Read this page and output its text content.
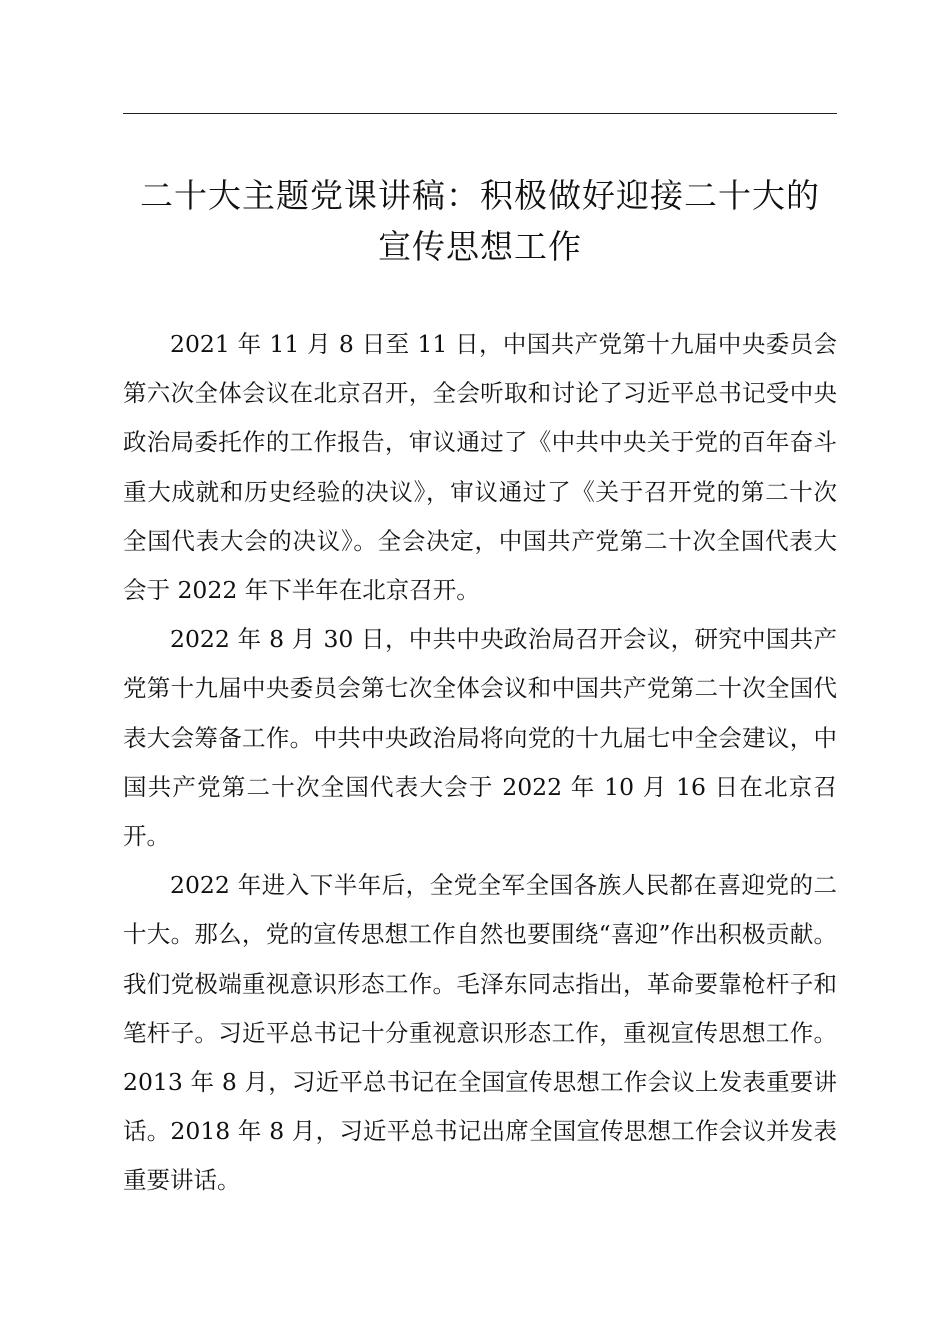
二十大主题党课讲稿：积极做好迎接二十大的
宣传思想工作

2021 年 11 月 8 日至 11 日，中国共产党第十九届中央委员会第六次全体会议在北京召开，全会听取和讨论了习近平总书记受中央政治局委托作的工作报告，审议通过了《中共中央关于党的百年奋斗重大成就和历史经验的决议》，审议通过了《关于召开党的第二十次全国代表大会的决议》。全会决定，中国共产党第二十次全国代表大会于 2022 年下半年在北京召开。

2022 年 8 月 30 日，中共中央政治局召开会议，研究中国共产党第十九届中央委员会第七次全体会议和中国共产党第二十次全国代表大会筹备工作。中共中央政治局将向党的十九届七中全会建议，中国共产党第二十次全国代表大会于 2022 年 10 月 16 日在北京召开。

2022 年进入下半年后，全党全军全国各族人民都在喜迎党的二十大。那么，党的宣传思想工作自然也要围绕“喜迎”作出积极贡献。我们党极端重视意识形态工作。毛泽东同志指出，革命要靠枪杆子和笔杆子。习近平总书记十分重视意识形态工作，重视宣传思想工作。2013 年 8 月，习近平总书记在全国宣传思想工作会议上发表重要讲话。2018 年 8 月，习近平总书记出席全国宣传思想工作会议并发表重要讲话。
